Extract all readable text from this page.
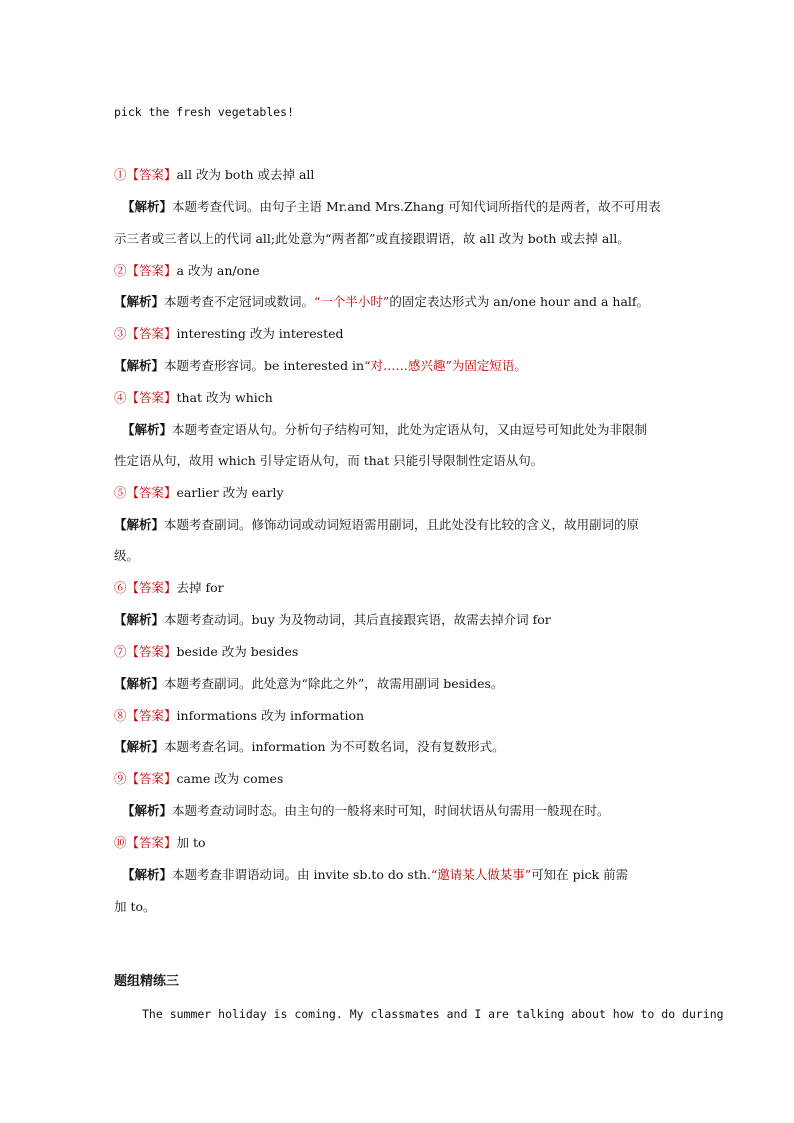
pick the fresh vegetables!
①【答案】all 改为 both 或去掉 all
【解析】本题考查代词。由句子主语 Mr.and Mrs.Zhang 可知代词所指代的是两者，故不可用表
示三者或三者以上的代词 all;此处意为“两者都”或直接跟谓语，故 all 改为 both 或去掉 all。
②【答案】a 改为 an/one
【解析】本题考查不定冠词或数词。“一个半小时”的固定表达形式为 an/one hour and a half。
③【答案】interesting 改为 interested
【解析】本题考查形容词。be interested in“对……感兴趣”为固定短语。
④【答案】that 改为 which
【解析】本题考查定语从句。分析句子结构可知，此处为定语从句，又由逗号可知此处为非限制
性定语从句，故用 which 引导定语从句，而 that 只能引导限制性定语从句。
⑤【答案】earlier 改为 early
【解析】本题考查副词。修饰动词或动词短语需用副词，且此处没有比较的含义，故用副词的原
级。
⑥【答案】去掉 for
【解析】本题考查动词。buy 为及物动词，其后直接跟宾语，故需去掉介词 for
⑦【答案】beside 改为 besides
【解析】本题考查副词。此处意为“除此之外”，故需用副词 besides。
⑧【答案】informations 改为 information
【解析】本题考查名词。information 为不可数名词，没有复数形式。
⑨【答案】came 改为 comes
【解析】本题考查动词时态。由主句的一般将来时可知，时间状语从句需用一般现在时。
⑩【答案】加 to
【解析】本题考查非谓语动词。由 invite sb.to do sth.“邀请某人做某事”可知在 pick 前需
加 to。
题组精练三
The summer holiday is coming. My classmates and I are talking about how to do during
